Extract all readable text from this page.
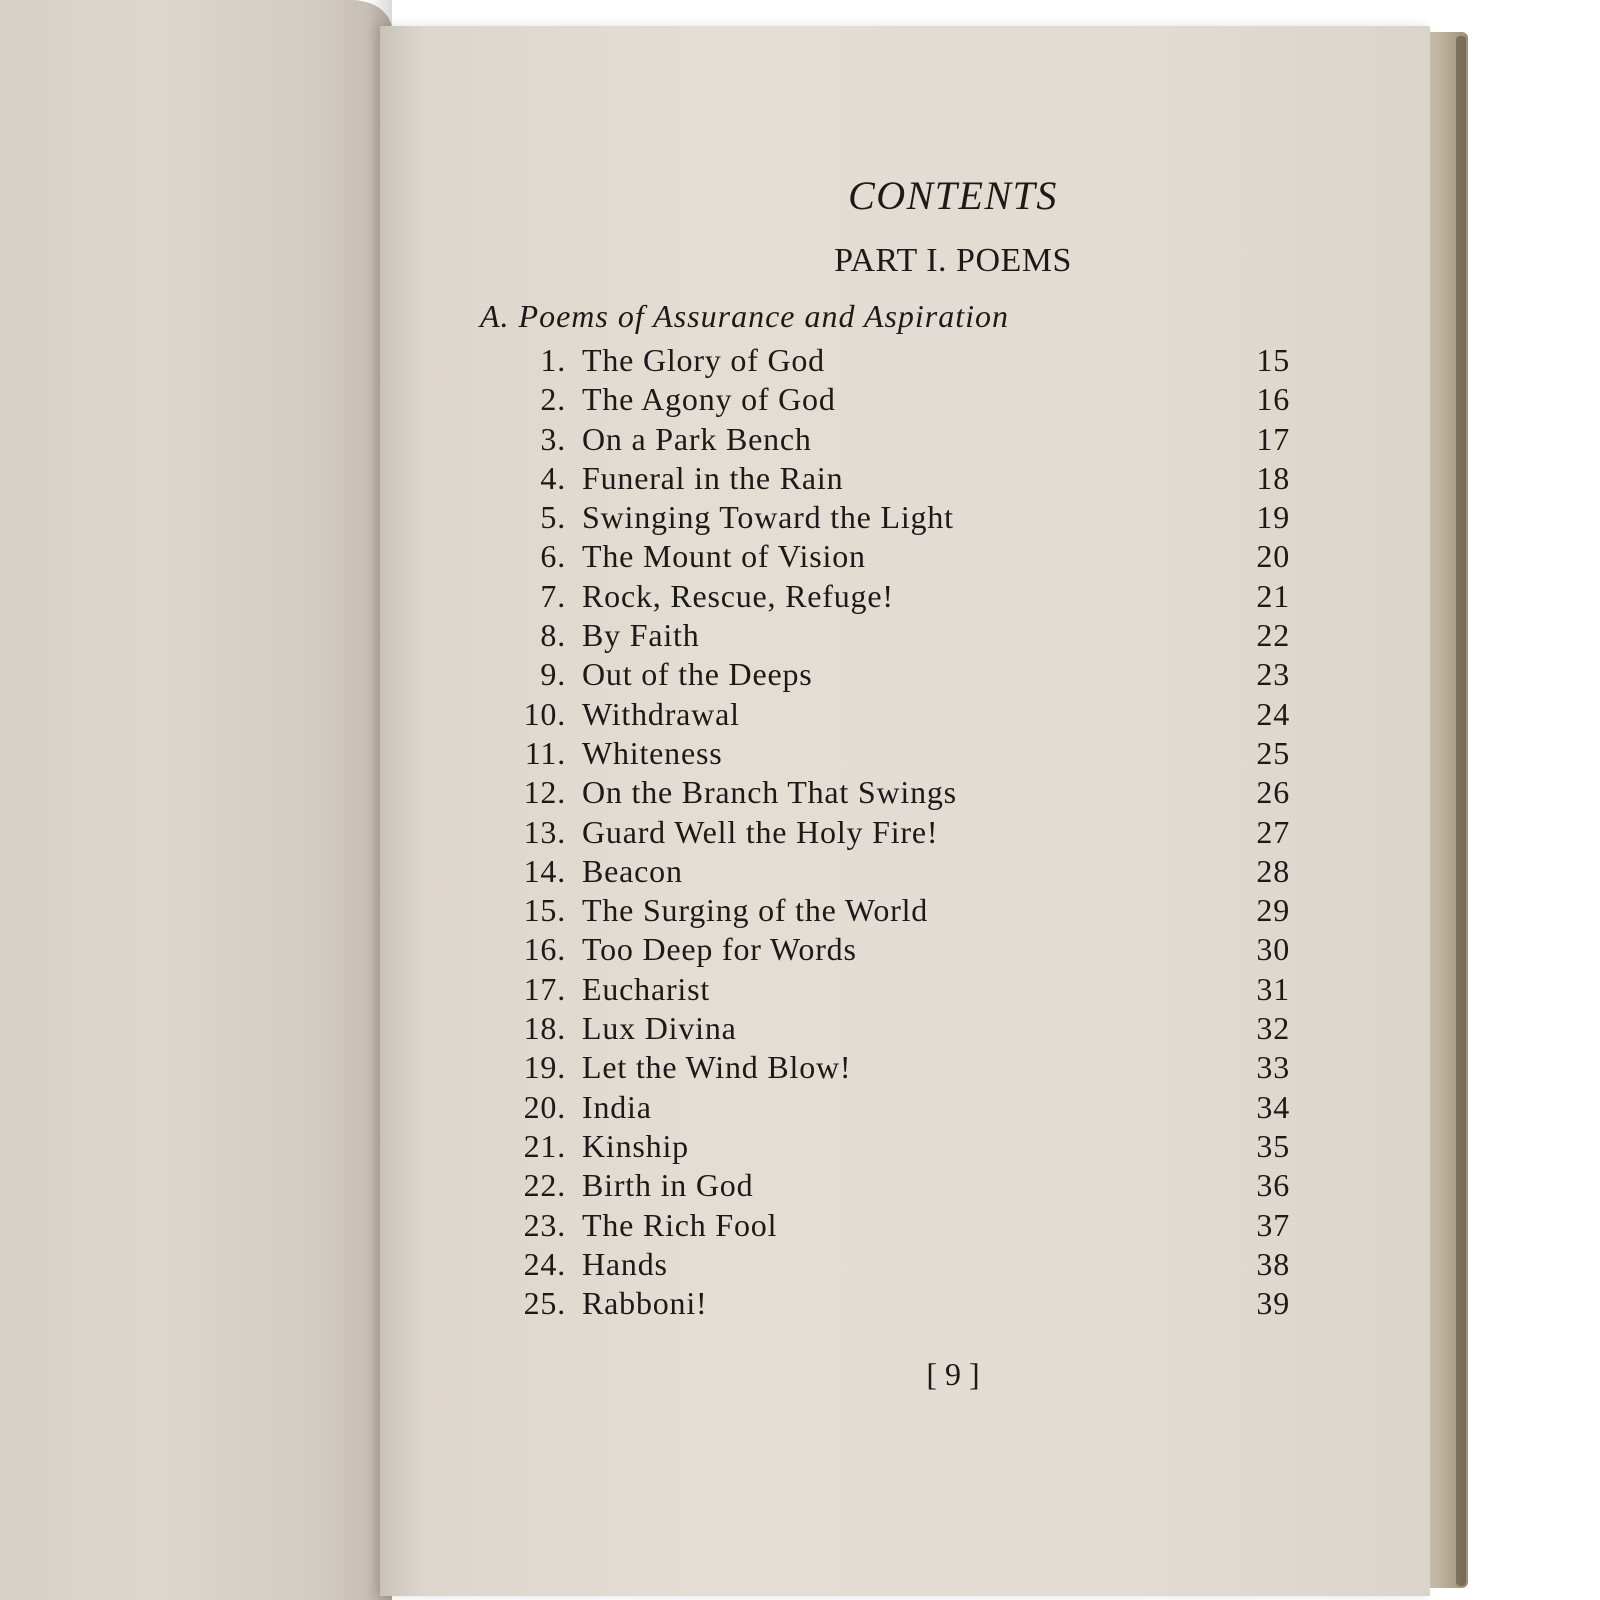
CONTENTS
PART I. POEMS
A. Poems of Assurance and Aspiration
1. The Glory of God	15
2. The Agony of God	16
3. On a Park Bench	17
4. Funeral in the Rain	18
5. Swinging Toward the Light	19
6. The Mount of Vision	20
7. Rock, Rescue, Refuge!	21
8. By Faith	22
9. Out of the Deeps	23
10. Withdrawal	24
11. Whiteness	25
12. On the Branch That Swings	26
13. Guard Well the Holy Fire!	27
14. Beacon	28
15. The Surging of the World	29
16. Too Deep for Words	30
17. Eucharist	31
18. Lux Divina	32
19. Let the Wind Blow!	33
20. India	34
21. Kinship	35
22. Birth in God	36
23. The Rich Fool	37
24. Hands	38
25. Rabboni!	39
[ 9 ]
